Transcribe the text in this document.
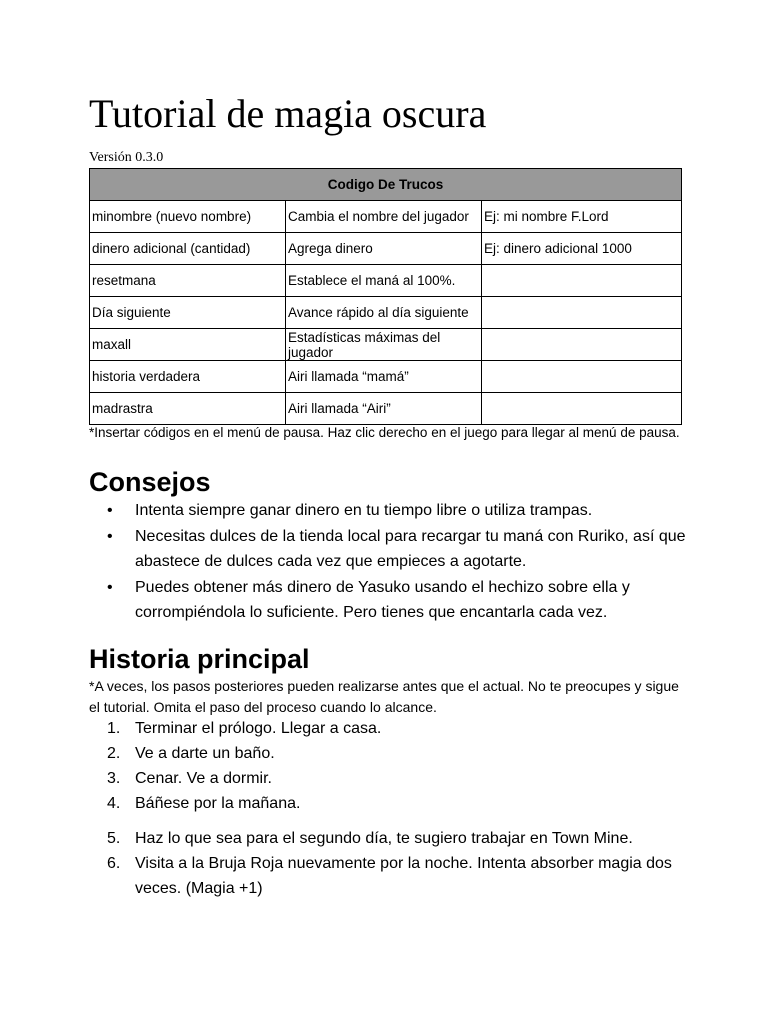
Tutorial de magia oscura
Versión 0.3.0
Codigo De Trucos		
minombre (nuevo nombre)	Cambia el nombre del jugador	Ej: mi nombre F.Lord
dinero adicional (cantidad)	Agrega dinero	Ej: dinero adicional 1000
resetmana	Establece el maná al 100%.	
Día siguiente	Avance rápido al día siguiente	
maxall	Estadísticas máximas del jugador	
historia verdadera	Airi llamada “mamá”	
madrastra	Airi llamada “Airi”	
*Insertar códigos en el menú de pausa. Haz clic derecho en el juego para llegar al menú de pausa.
Consejos
• Intenta siempre ganar dinero en tu tiempo libre o utiliza trampas.
• Necesitas dulces de la tienda local para recargar tu maná con Ruriko, así que abastece de dulces cada vez que empieces a agotarte.
• Puedes obtener más dinero de Yasuko usando el hechizo sobre ella y corrompiéndola lo suficiente. Pero tienes que encantarla cada vez.
Historia principal
*A veces, los pasos posteriores pueden realizarse antes que el actual. No te preocupes y sigue el tutorial. Omita el paso del proceso cuando lo alcance.
1. Terminar el prólogo. Llegar a casa.
2. Ve a darte un baño.
3. Cenar. Ve a dormir.
4. Báñese por la mañana.
5. Haz lo que sea para el segundo día, te sugiero trabajar en Town Mine.
6. Visita a la Bruja Roja nuevamente por la noche. Intenta absorber magia dos veces. (Magia +1)
